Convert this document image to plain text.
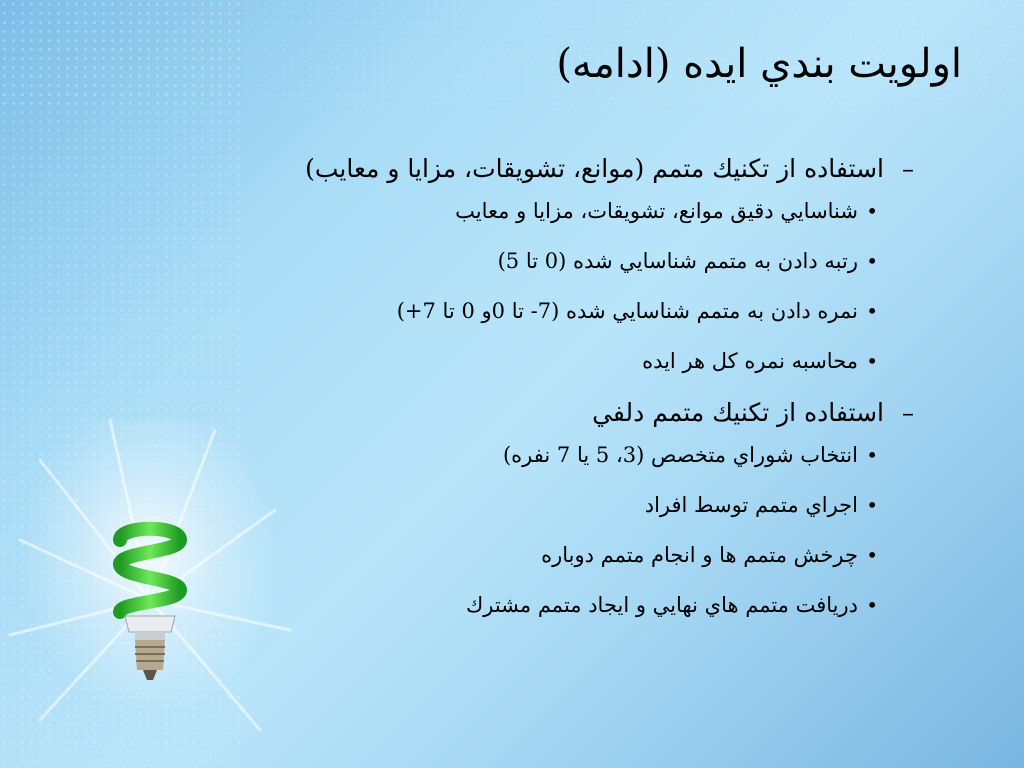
اولويت بندي ايده (ادامه)
–
استفاده از تكنيك متمم (موانع، تشويقات، مزايا و معايب)
•
شناسايي دقيق موانع، تشويقات، مزايا و معايب
•
رتبه دادن به متمم شناسايي شده (0 تا 5)
•
نمره دادن به متمم شناسايي شده (7- تا 0و 0 تا 7+)
•
محاسبه نمره كل هر ايده
–
استفاده از تكنيك متمم دلفي
•
انتخاب شوراي متخصص (3، 5 يا 7 نفره)
•
اجراي متمم توسط افراد
•
چرخش متمم ها و انجام متمم دوباره
•
دريافت متمم هاي نهايي و ايجاد متمم مشترك
